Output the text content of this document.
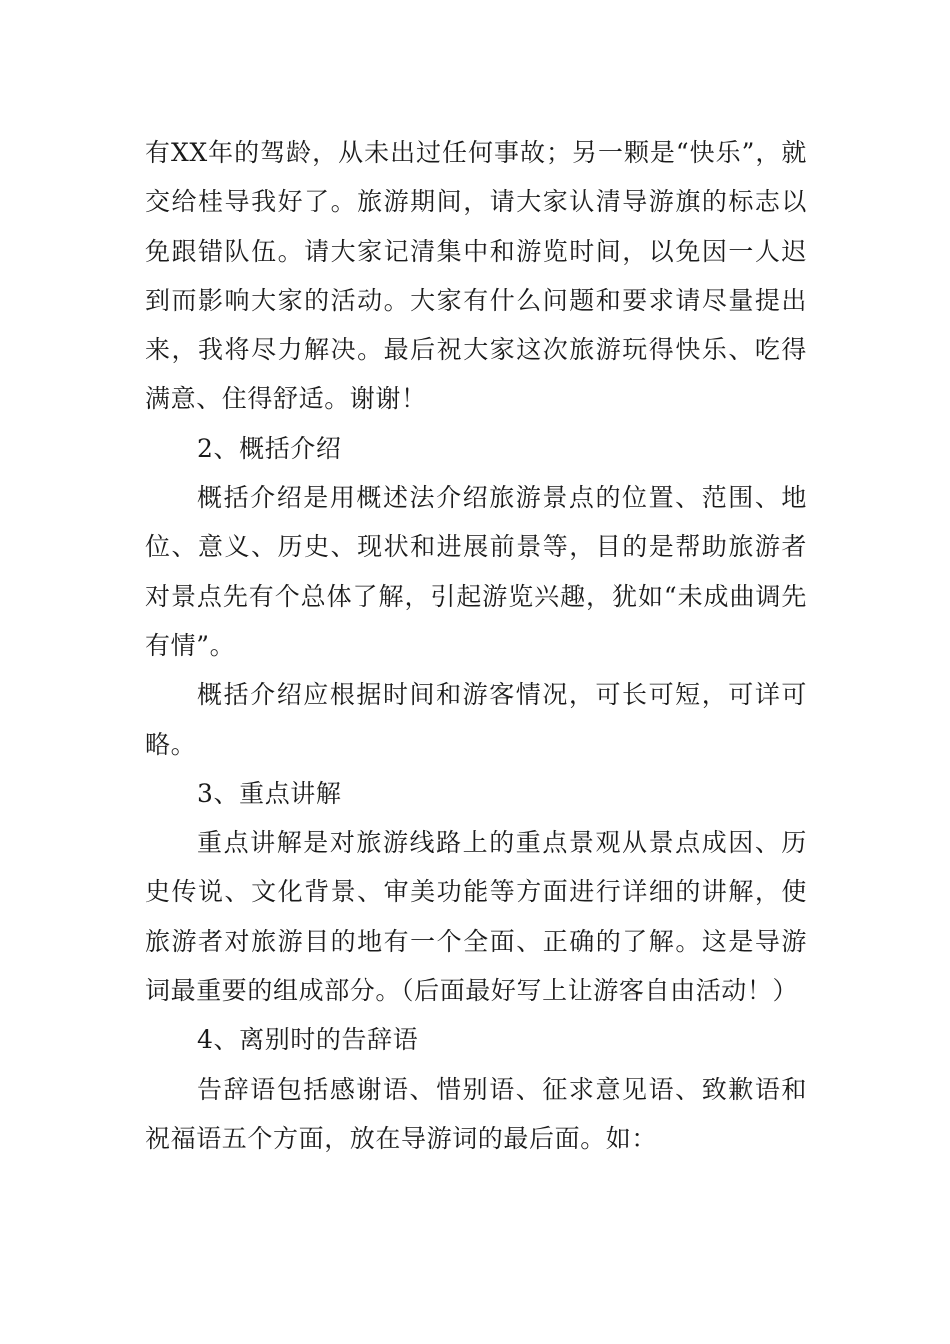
有XX年的驾龄，从未出过任何事故；另一颗是“快乐”，就交给桂导我好了。旅游期间，请大家认清导游旗的标志以免跟错队伍。请大家记清集中和游览时间，以免因一人迟到而影响大家的活动。大家有什么问题和要求请尽量提出来，我将尽力解决。最后祝大家这次旅游玩得快乐、吃得满意、住得舒适。谢谢！

2、概括介绍

概括介绍是用概述法介绍旅游景点的位置、范围、地位、意义、历史、现状和进展前景等，目的是帮助旅游者对景点先有个总体了解，引起游览兴趣，犹如“未成曲调先有情”。

概括介绍应根据时间和游客情况，可长可短，可详可略。

3、重点讲解

重点讲解是对旅游线路上的重点景观从景点成因、历史传说、文化背景、审美功能等方面进行详细的讲解，使旅游者对旅游目的地有一个全面、正确的了解。这是导游词最重要的组成部分。（后面最好写上让游客自由活动！）

4、离别时的告辞语

告辞语包括感谢语、惜别语、征求意见语、致歉语和祝福语五个方面，放在导游词的最后面。如：
